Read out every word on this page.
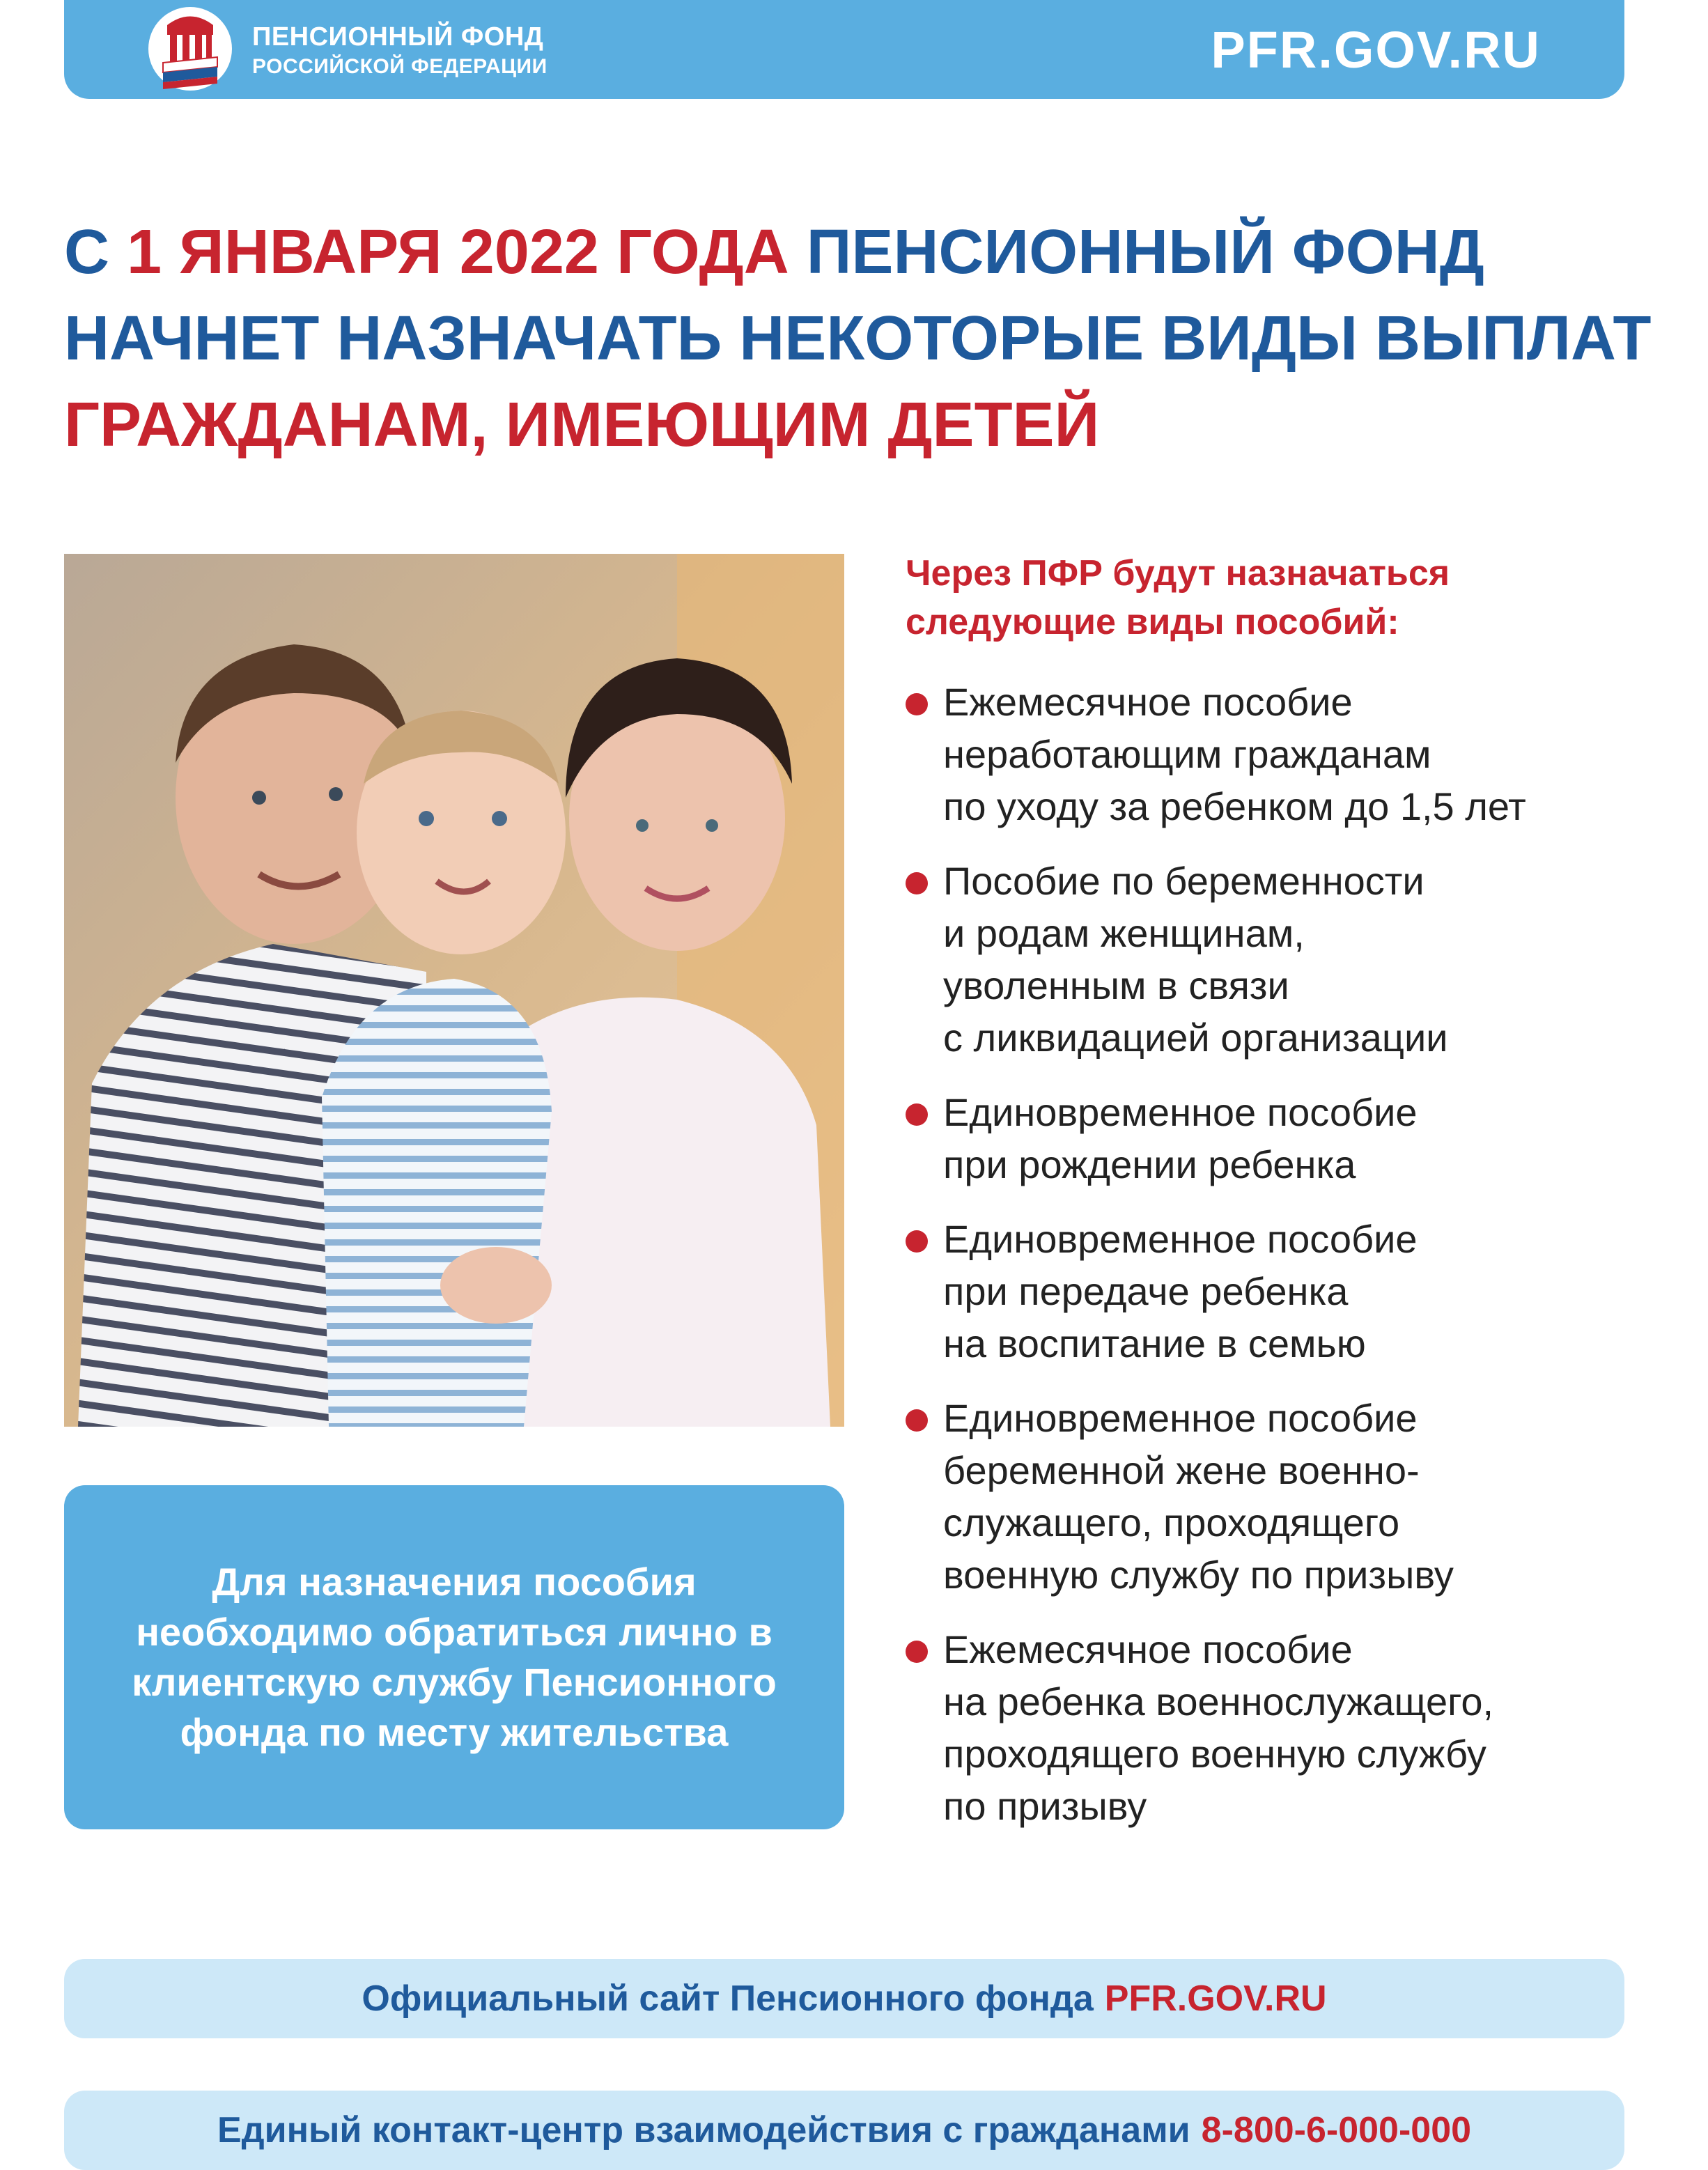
ПЕНСИОННЫЙ ФОНД
РОССИЙСКОЙ ФЕДЕРАЦИИ	PFR.GOV.RU
С 1 ЯНВАРЯ 2022 ГОДА ПЕНСИОННЫЙ ФОНД НАЧНЕТ НАЗНАЧАТЬ НЕКОТОРЫЕ ВИДЫ ВЫПЛАТ
ГРАЖДАНАМ, ИМЕЮЩИМ ДЕТЕЙ
Для назначения пособия необходимо обратиться лично в клиентскую службу Пенсионного фонда по месту жительства
Через ПФР будут назначаться
следующие виды пособий:
Ежемесячное пособие
неработающим гражданам
по уходу за ребенком до 1,5 лет
Пособие по беременности
и родам женщинам,
уволенным в связи
с ликвидацией организации
Единовременное пособие
при рождении ребенка
Единовременное пособие
при передаче ребенка
на воспитание в семью
Единовременное пособие
беременной жене военно-
служащего, проходящего
военную службу по призыву
Ежемесячное пособие
на ребенка военнослужащего,
проходящего военную службу
по призыву
Официальный сайт Пенсионного фонда PFR.GOV.RU
Единый контакт-центр взаимодействия с гражданами 8-800-6-000-000
